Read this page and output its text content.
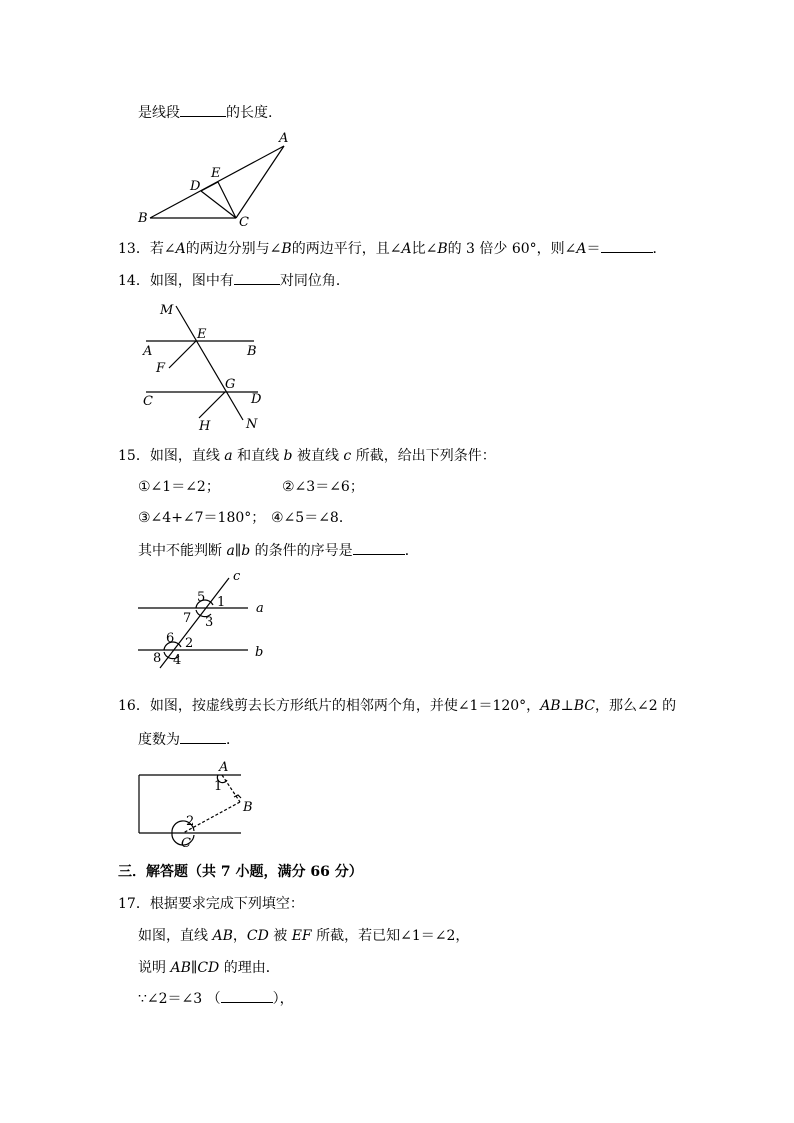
是线段	的长度.
A
B	C
D
E
13．若∠A的两边分别与∠B的两边平行，且∠A比∠B的 3 倍少 60°，则∠A＝	．
14．如图，图中有	对同位角．
M
E
A	B
F
G
C	D
H	N
15．如图，直线 a 和直线 b 被直线 c 所截，给出下列条件：
①∠1＝∠2；	②∠3＝∠6；
③∠4+∠7＝180°； ④∠5＝∠8．
其中不能判断 a∥b 的条件的序号是	．
c
a
b
5 1
7 3
6 2
8 4
16．如图，按虚线剪去长方形纸片的相邻两个角，并使∠1＝120°，AB⊥BC，那么∠2 的
度数为	．
A
B
C
1
2
三．解答题（共 7 小题，满分 66 分）
17．根据要求完成下列填空：
如图，直线 AB，CD 被 EF 所截，若已知∠1＝∠2，
说明 AB∥CD 的理由．
∵∠2＝∠3 （	），
